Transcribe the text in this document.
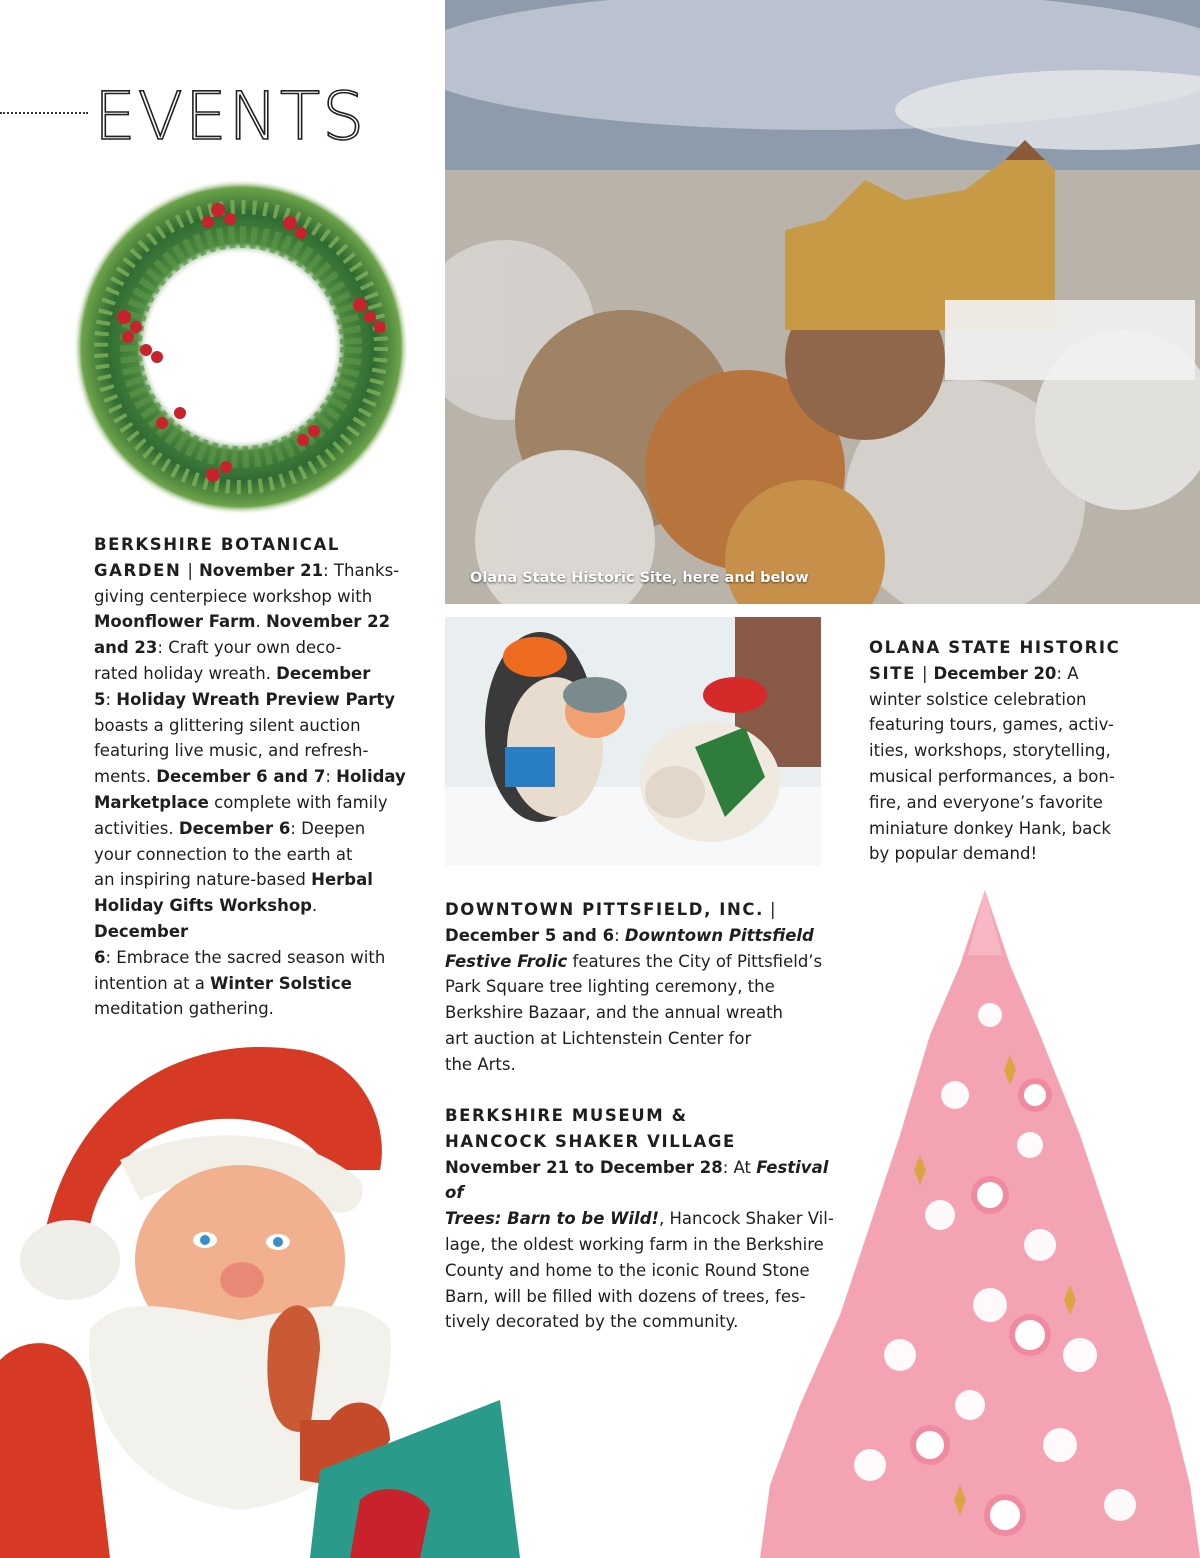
EVENTS
BERKSHIRE BOTANICAL
GARDEN | November 21: Thanks-
giving centerpiece workshop with
Moonflower Farm. November 22
and 23: Craft your own deco-
rated holiday wreath. December
5: Holiday Wreath Preview Party
boasts a glittering silent auction
featuring live music, and refresh-
ments. December 6 and 7: Holiday
Marketplace complete with family
activities. December 6: Deepen
your connection to the earth at
an inspiring nature-based Herbal
Holiday Gifts Workshop. December
6: Embrace the sacred season with
intention at a Winter Solstice
meditation gathering.
Olana State Historic Site, here and below
OLANA STATE HISTORIC
SITE | December 20: A
winter solstice celebration
featuring tours, games, activ-
ities, workshops, storytelling,
musical performances, a bon-
fire, and everyone’s favorite
miniature donkey Hank, back
by popular demand!
DOWNTOWN PITTSFIELD, INC. |
December 5 and 6: Downtown Pittsfield
Festive Frolic features the City of Pittsfield’s
Park Square tree lighting ceremony, the
Berkshire Bazaar, and the annual wreath
art auction at Lichtenstein Center for
the Arts.
BERKSHIRE MUSEUM &
HANCOCK SHAKER VILLAGE
November 21 to December 28: At Festival of
Trees: Barn to be Wild!, Hancock Shaker Vil-
lage, the oldest working farm in the Berkshire
County and home to the iconic Round Stone
Barn, will be filled with dozens of trees, fes-
tively decorated by the community.
